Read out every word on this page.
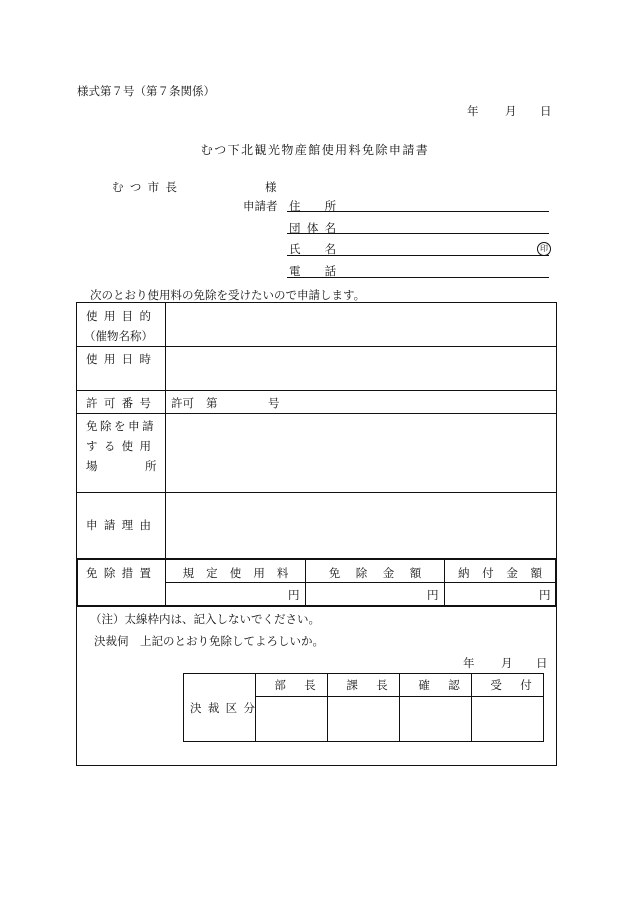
様式第７号（第７条関係）
年 月 日
むつ下北観光物産館使用料免除申請書
むつ市長	様
申請者 住　所
団体名
氏　名	印
電　話
次のとおり使用料の免除を受けたいので申請します。
使用目的
（催物名称）
使用日時
許可番号 許可 第	号
免除を申請
する使用
場	所
申請理由
免除措置	規定使用料	免除金額	納付金額
円	円	円
（注）太線枠内は、記入しないでください。
決裁伺　上記のとおり免除してよろしいか。
年 月 日
決裁区分
部長	課長	確認	受付
